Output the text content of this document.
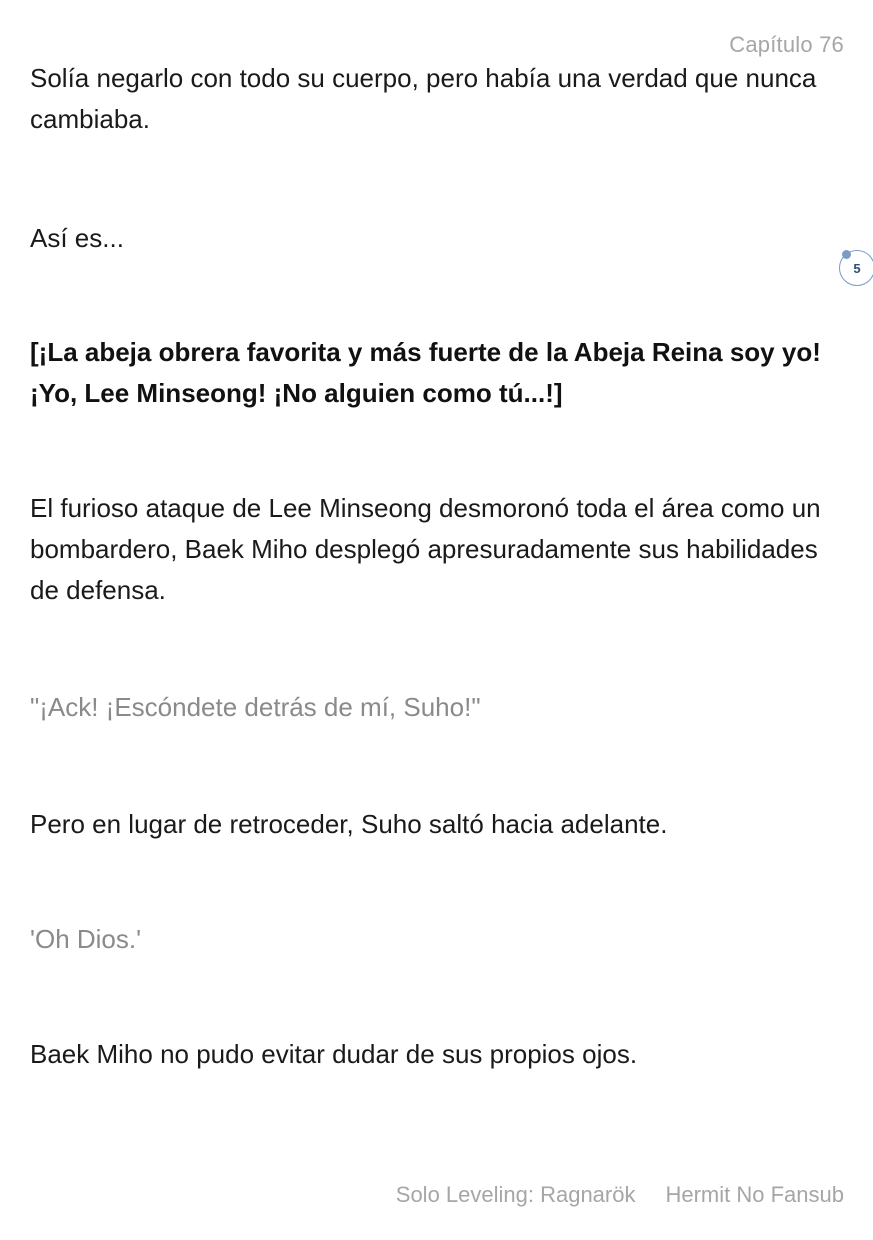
Capítulo 76

Solía negarlo con todo su cuerpo, pero había una verdad que nunca cambiaba.

Así es...

[¡La abeja obrera favorita y más fuerte de la Abeja Reina soy yo! ¡Yo, Lee Minseong! ¡No alguien como tú...!]

El furioso ataque de Lee Minseong desmoronó toda el área como un bombardero, Baek Miho desplegó apresuradamente sus habilidades de defensa.

"¡Ack! ¡Escóndete detrás de mí, Suho!"

Pero en lugar de retroceder, Suho saltó hacia adelante.

'Oh Dios.'

Baek Miho no pudo evitar dudar de sus propios ojos.

5
Solo Leveling: Ragnarök Hermit No Fansub
